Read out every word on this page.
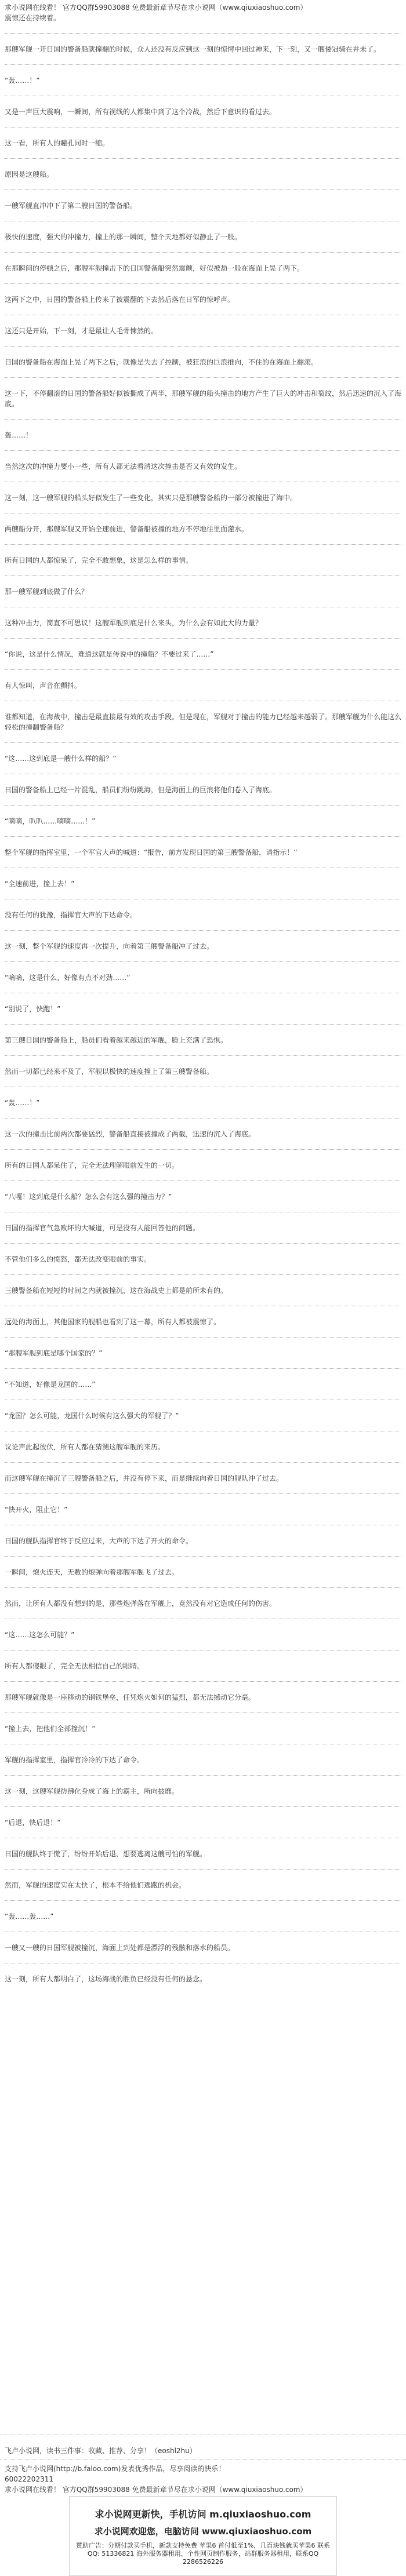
求小说网在线看！ 官方QQ群59903088 免费最新章节尽在求小说网（www.qiuxiaoshuo.com）
震惊还在持续着。

那艘军舰一开日国的警备船就撞翻的时候，众人还没有反应到这一刻的惊愕中回过神来，下一刻，又一艘倭冠骑在并未了。

“轰……！”

又是一声巨大震响，一瞬间，所有视线的人都集中到了这个冷战，然后下意识的看过去。

这一看，所有人的瞳孔同时一缩。

原因是这艘船。

一艘军舰直冲冲下了第二艘日国的警备船。

极快的速度，强大的冲撞力，撞上的那一瞬间，整个天地都好似静止了一般。

在那瞬间的停顿之后，那艘军舰撞击下的日国警备船突然震颤，好似被劫一般在海面上晃了两下。

这两下之中，日国的警备船上传来了被震翻的下去然后落在日军的惊呼声。

这还只是开始，下一刻，才是最让人毛骨悚然的。

日国的警备船在海面上晃了两下之后，就像是失去了控制，被狂浪的巨浪推向，不住的在海面上翻滚。

这一下，不停翻滚的日国的警备船好似被撕成了两半，那艘军舰的船头撞击的地方产生了巨大的冲击和裂纹，然后迅速的沉入了海底。

轰……！

当然这次的冲撞力要小一些，所有人都无法看清这次撞击是否又有效的发生。

这一刻，这一艘军舰的船头好似发生了一些变化，其实只是那艘警备船的一部分被撞进了海中。

两艘船分开，那艘军舰又开始全速前进，警备船被撞的地方不停地往里面灌水。

所有日国的人都惊呆了，完全不敢想象，这是怎么样的事情。

那一艘军舰到底做了什么？

这种冲击力，简直不可思议！这艘军舰到底是什么来头，为什么会有如此大的力量？

“你说，这是什么情况，难道这就是传说中的撞船？不要过来了……”

有人惊叫，声音在颤抖。

谁都知道，在海战中，撞击是最直接最有效的攻击手段。但是现在，军舰对于撞击的能力已经越来越弱了。那艘军舰为什么能这么轻松的撞翻警备船？

“这……这到底是一艘什么样的船？”

日国的警备船上已经一片混乱，船员们纷纷跳海，但是海面上的巨浪将他们卷入了海底。

“嘀嘀，叭叭……嘀嘀……！”

整个军舰的指挥室里，一个军官大声的喊道：“报告，前方发现日国的第三艘警备船，请指示！”

“全速前进，撞上去！”

没有任何的犹豫，指挥官大声的下达命令。

这一刻，整个军舰的速度再一次提升，向着第三艘警备船冲了过去。

“嘀嘀，这是什么，好像有点不对劲……”

“别说了，快跑！”

第三艘日国的警备船上，船员们看着越来越近的军舰，脸上充满了恐惧。

然而一切都已经来不及了，军舰以极快的速度撞上了第三艘警备船。

“轰……！”

这一次的撞击比前两次都要猛烈，警备船直接被撞成了两截，迅速的沉入了海底。

所有的日国人都呆住了，完全无法理解眼前发生的一切。

“八嘎！这到底是什么船？怎么会有这么强的撞击力？”

日国的指挥官气急败坏的大喊道，可是没有人能回答他的问题。

不管他们多么的愤怒，都无法改变眼前的事实。

三艘警备船在短短的时间之内就被撞沉，这在海战史上都是前所未有的。

远处的海面上，其他国家的舰船也看到了这一幕，所有人都被震惊了。

“那艘军舰到底是哪个国家的？”

“不知道，好像是龙国的……”

“龙国？怎么可能，龙国什么时候有这么强大的军舰了？”

议论声此起彼伏，所有人都在猜测这艘军舰的来历。

而这艘军舰在撞沉了三艘警备船之后，并没有停下来，而是继续向着日国的舰队冲了过去。

“快开火，阻止它！”

日国的舰队指挥官终于反应过来，大声的下达了开火的命令。

一瞬间，炮火连天，无数的炮弹向着那艘军舰飞了过去。

然而，让所有人都没有想到的是，那些炮弹落在军舰上，竟然没有对它造成任何的伤害。

“这……这怎么可能？”

所有人都傻眼了，完全无法相信自己的眼睛。

那艘军舰就像是一座移动的钢铁堡垒，任凭炮火如何的猛烈，都无法撼动它分毫。

“撞上去，把他们全部撞沉！”

军舰的指挥室里，指挥官冷冷的下达了命令。

这一刻，这艘军舰彷彿化身成了海上的霸主，所向披靡。

“后退，快后退！”

日国的舰队终于慌了，纷纷开始后退，想要逃离这艘可怕的军舰。

然而，军舰的速度实在太快了，根本不给他们逃跑的机会。

“轰……轰……”

一艘又一艘的日国军舰被撞沉，海面上到处都是漂浮的残骸和落水的船员。

这一刻，所有人都明白了，这场海战的胜负已经没有任何的悬念。

飞卢小说网，读书三件事：收藏、推荐、分享！（eoshl2hu）
支持飞卢小说网(http://b.faloo.com)发表优秀作品，尽享阅读的快乐！
60022202311
求小说网在线看！ 官方QQ群59903088 免费最新章节尽在求小说网（www.qiuxiaoshuo.com）
求小说网更新快，手机访问 m.qiuxiaoshuo.com
求小说网欢迎您，电脑访问 www.qiuxiaoshuo.com
赞助广告：分期付款买手机，新款支持免费 苹果6 首付低至1%，几百块钱就买苹果6 联系QQ: 51336821 海外服务器租用，个性网页制作服务，站群服务器租用，联系QQ 2286526226
